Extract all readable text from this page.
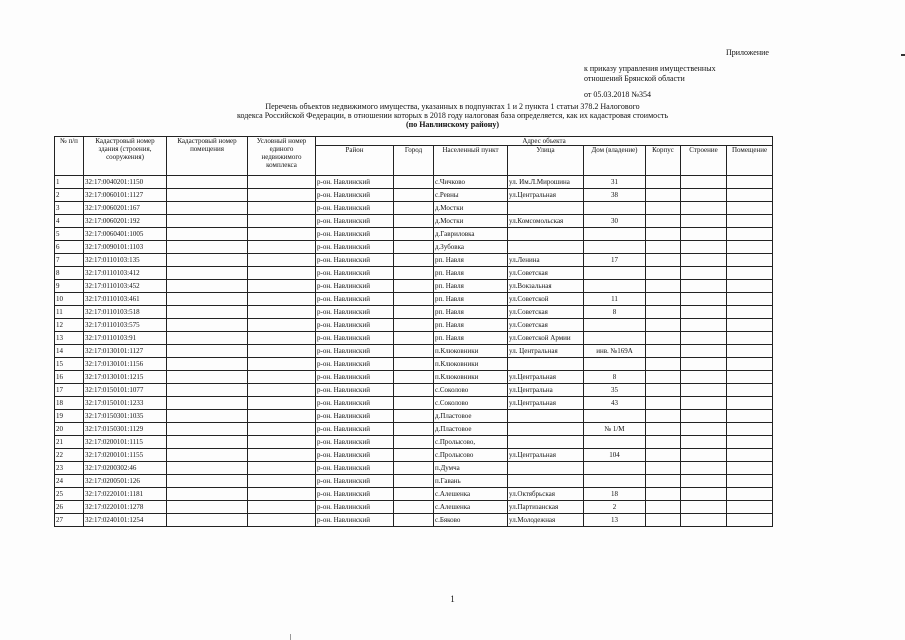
Приложение
к приказу управления имущественных
отношений Брянской области
от 05.03.2018 №354
Перечень объектов недвижимого имущества, указанных в подпунктах 1 и 2 пункта 1 статьи 378.2 Налогового
кодекса Российской Федерации, в отношении которых в 2018 году налоговая база определяется, как их кадастровая стоимость
(по Навлинскому району)
№ п/п	Кадастровый номер здания (строения, сооружения)	Кадастровый номер помещения	Условный номер единого недвижимого комплекса	Адрес объекта							
				Район	Город	Населенный пункт	Улица	Дом (владение)	Корпус	Строение	Помещение
1	32:17:0040201:1150			р-он. Навлинский		с.Чичково	ул. Им.Л.Мирошина	31			
2	32:17:0060101:1127			р-он. Навлинский		с.Ревны	ул.Центральная	38			
3	32:17:0060201:167			р-он. Навлинский		д.Мостки					
4	32:17:0060201:192			р-он. Навлинский		д.Мостки	ул.Комсомольская	30			
5	32:17:0060401:1005			р-он. Навлинский		д.Гавриловка					
6	32:17:0090101:1103			р-он. Навлинский		д.Зубовка					
7	32:17:0110103:135			р-он. Навлинский		рп. Навля	ул.Ленина	17			
8	32:17:0110103:412			р-он. Навлинский		рп. Навля	ул.Советская				
9	32:17:0110103:452			р-он. Навлинский		рп. Навля	ул.Вокзальная				
10	32:17:0110103:461			р-он. Навлинский		рп. Навля	ул.Советской	11			
11	32:17:0110103:518			р-он. Навлинский		рп. Навля	ул.Советская	8			
12	32:17:0110103:575			р-он. Навлинский		рп. Навля	ул.Советская				
13	32:17:0110103:91			р-он. Навлинский		рп. Навля	ул.Советской Армии				
14	32:17:0130101:1127			р-он. Навлинский		п.Клюковники	ул. Центральная	инв. №169А			
15	32:17:0130101:1156			р-он. Навлинский		п.Клюковники					
16	32:17:0130101:1215			р-он. Навлинский		п.Клюковники	ул.Центральная	8			
17	32:17:0150101:1077			р-он. Навлинский		с.Соколово	ул.Центральна	35			
18	32:17:0150101:1233			р-он. Навлинский		с.Соколово	ул.Центральная	43			
19	32:17:0150301:1035			р-он. Навлинский		д.Пластовое					
20	32:17:0150301:1129			р-он. Навлинский		д.Пластовое		№ 1/М			
21	32:17:0200101:1115			р-он. Навлинский		с.Пролысово,					
22	32:17:0200101:1155			р-он. Навлинский		с.Пролысово	ул.Центральная	104			
23	32:17:0200302:46			р-он. Навлинский		п.Думча					
24	32:17:0200501:126			р-он. Навлинский		п.Гавань					
25	32:17:0220101:1181			р-он. Навлинский		с.Алешенка	ул.Октябрьская	18			
26	32:17:0220101:1278			р-он. Навлинский		с.Алешенка	ул.Партизанская	2			
27	32:17:0240101:1254			р-он. Навлинский		с.Бяково	ул.Молодежная	13			
1
